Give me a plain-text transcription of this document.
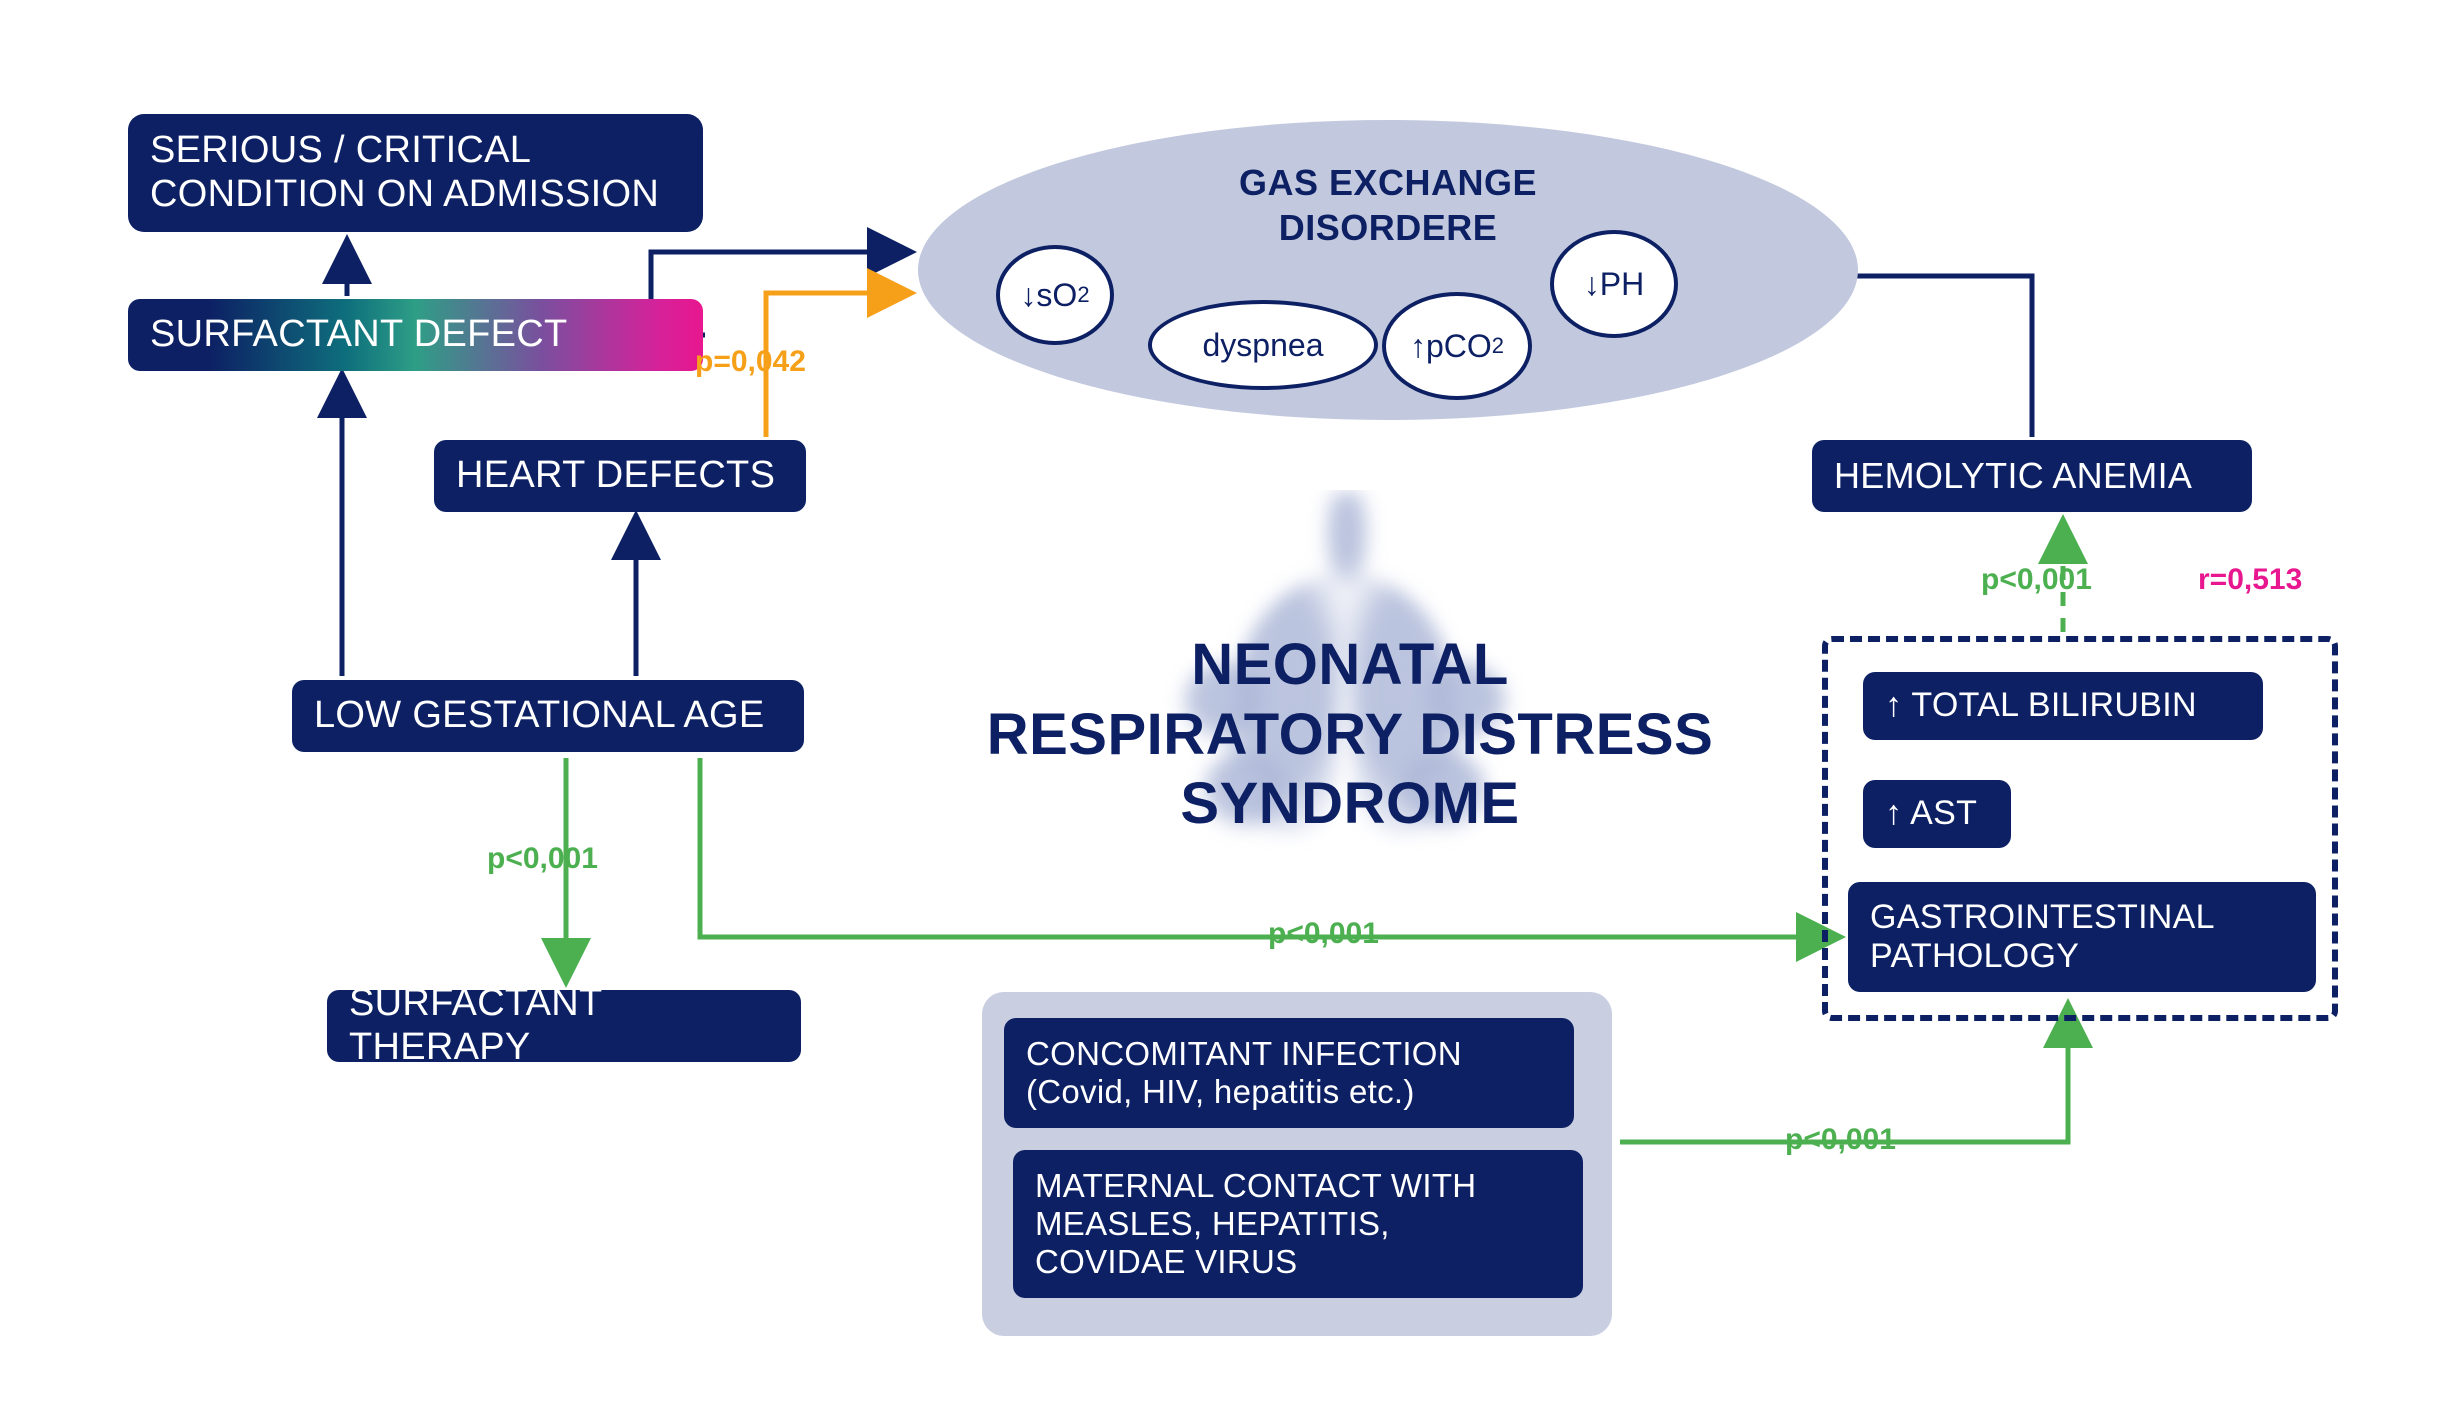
NEONATAL
RESPIRATORY DISTRESS
SYNDROME
GAS EXCHANGE
DISORDERE
↓ sO 2
dyspnea	↑ pCO 2
↓ PH
SERIOUS / CRITICAL
CONDITION ON ADMISSION
SURFACTANT DEFECT
HEART DEFECTS
LOW GESTATIONAL AGE
SURFACTANT THERAPY
HEMOLYTIC ANEMIA
↑ TOTAL BILIRUBIN
↑ AST
GASTROINTESTINAL
PATHOLOGY
CONCOMITANT INFECTION
(Covid, HIV, hepatitis etc.)
MATERNAL CONTACT WITH
MEASLES, HEPATITIS,
COVIDAE VIRUS
p=0,042
p<0,001
p<0,001
p<0,001
p<0,001	r=0,513
